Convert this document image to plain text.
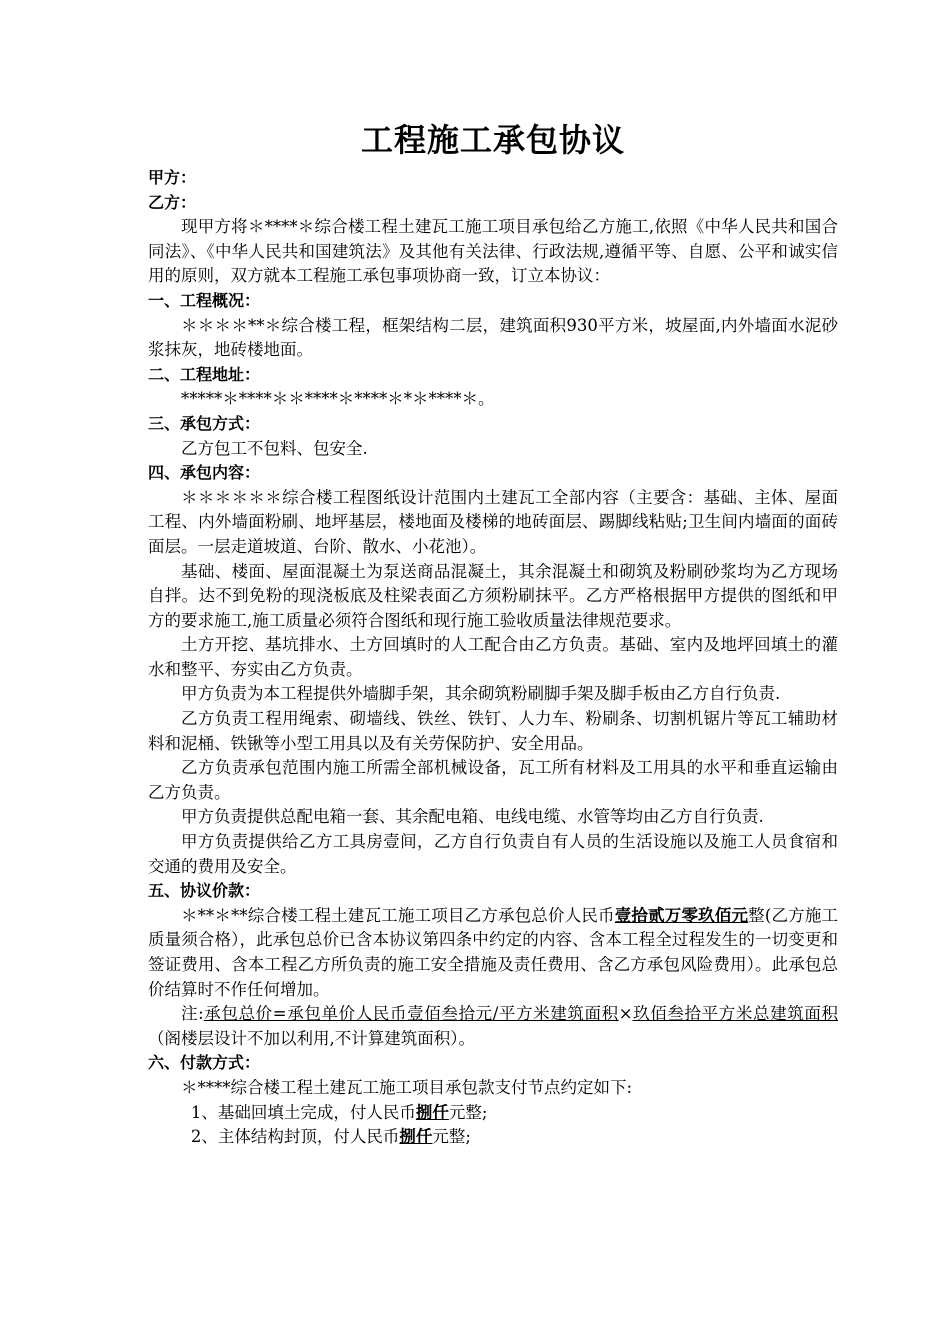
工程施工承包协议

甲方：

乙方：

现甲方将＊****＊综合楼工程土建瓦工施工项目承包给乙方施工,依照《中华人民共和国合同法》、《中华人民共和国建筑法》及其他有关法律、行政法规,遵循平等、自愿、公平和诚实信用的原则，双方就本工程施工承包事项协商一致，订立本协议：

一、工程概况：

＊＊＊＊**＊综合楼工程，框架结构二层，建筑面积930平方米，坡屋面,内外墙面水泥砂浆抹灰，地砖楼地面。

二、工程地址：

*****＊****＊＊****＊****＊*＊****＊。

三、承包方式：

乙方包工不包料、包安全.

四、承包内容：

＊＊＊＊＊＊综合楼工程图纸设计范围内土建瓦工全部内容（主要含：基础、主体、屋面工程、内外墙面粉刷、地坪基层，楼地面及楼梯的地砖面层、踢脚线粘贴;卫生间内墙面的面砖面层。一层走道坡道、台阶、散水、小花池）。

基础、楼面、屋面混凝土为泵送商品混凝土，其余混凝土和砌筑及粉刷砂浆均为乙方现场自拌。达不到免粉的现浇板底及柱梁表面乙方须粉刷抹平。乙方严格根据甲方提供的图纸和甲方的要求施工,施工质量必须符合图纸和现行施工验收质量法律规范要求。

土方开挖、基坑排水、土方回填时的人工配合由乙方负责。基础、室内及地坪回填土的灌水和整平、夯实由乙方负责。

甲方负责为本工程提供外墙脚手架，其余砌筑粉刷脚手架及脚手板由乙方自行负责.

乙方负责工程用绳索、砌墙线、铁丝、铁钉、人力车、粉刷条、切割机锯片等瓦工辅助材料和泥桶、铁锹等小型工用具以及有关劳保防护、安全用品。

乙方负责承包范围内施工所需全部机械设备，瓦工所有材料及工用具的水平和垂直运输由乙方负责。

甲方负责提供总配电箱一套、其余配电箱、电线电缆、水管等均由乙方自行负责.

甲方负责提供给乙方工具房壹间，乙方自行负责自有人员的生活设施以及施工人员食宿和交通的费用及安全。

五、协议价款：

＊**＊**综合楼工程土建瓦工施工项目乙方承包总价人民币壹拾贰万零玖佰元整(乙方施工质量须合格），此承包总价已含本协议第四条中约定的内容、含本工程全过程发生的一切变更和签证费用、含本工程乙方所负责的施工安全措施及责任费用、含乙方承包风险费用）。此承包总价结算时不作任何增加。

注:承包总价=承包单价人民币壹佰叁拾元/平方米建筑面积×玖佰叁拾平方米总建筑面积（阁楼层设计不加以利用,不计算建筑面积）。

六、付款方式：

＊****综合楼工程土建瓦工施工项目承包款支付节点约定如下:

1、基础回填土完成，付人民币捌仟元整;

2、主体结构封顶，付人民币捌仟元整;
